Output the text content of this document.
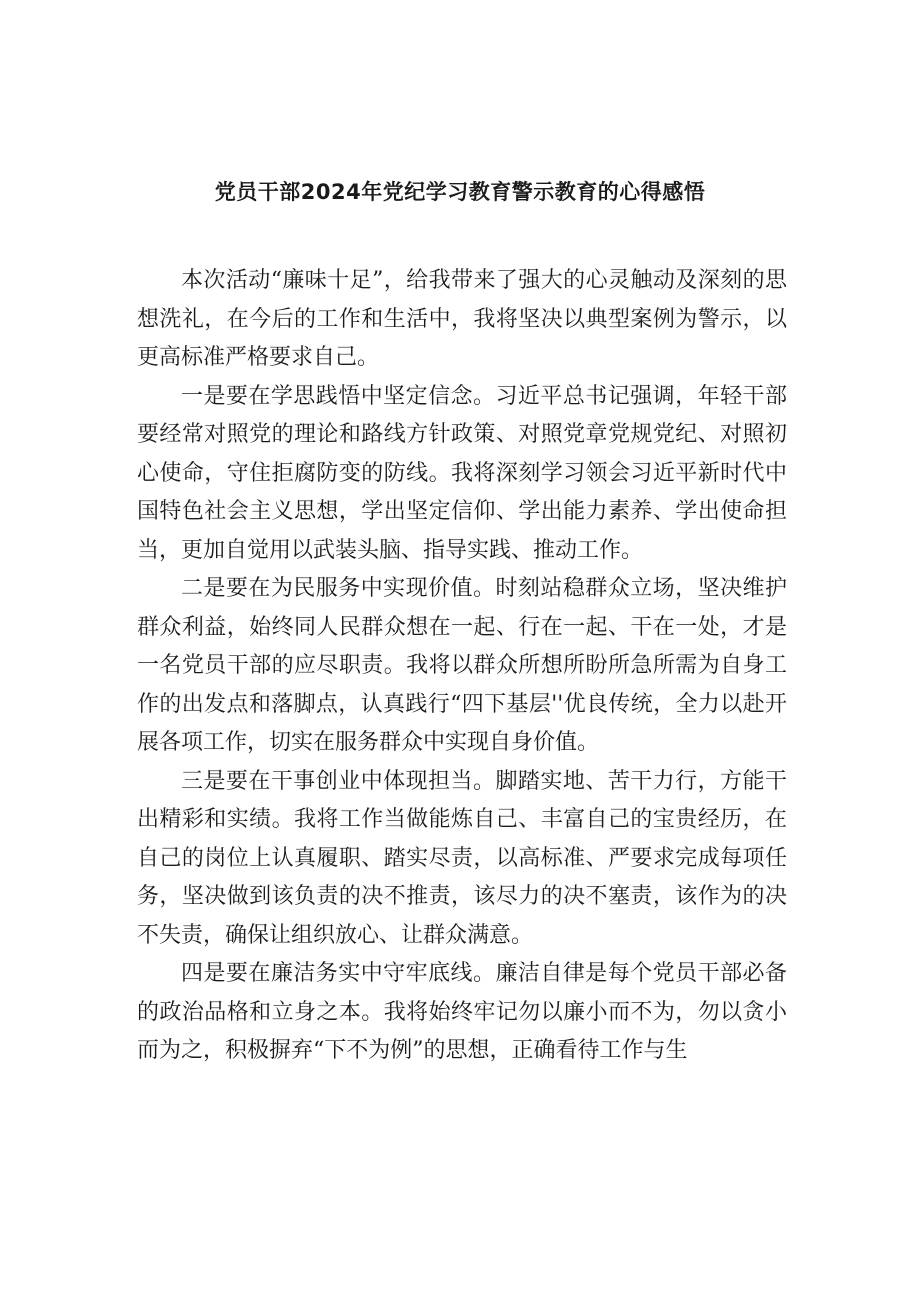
党员干部2024年党纪学习教育警示教育的心得感悟

本次活动“廉味十足”，给我带来了强大的心灵触动及深刻的思想洗礼，在今后的工作和生活中，我将坚决以典型案例为警示，以更高标准严格要求自己。

一是要在学思践悟中坚定信念。习近平总书记强调，年轻干部要经常对照党的理论和路线方针政策、对照党章党规党纪、对照初心使命，守住拒腐防变的防线。我将深刻学习领会习近平新时代中国特色社会主义思想，学出坚定信仰、学出能力素养、学出使命担当，更加自觉用以武装头脑、指导实践、推动工作。

二是要在为民服务中实现价值。时刻站稳群众立场，坚决维护群众利益，始终同人民群众想在一起、行在一起、干在一处，才是一名党员干部的应尽职责。我将以群众所想所盼所急所需为自身工作的出发点和落脚点，认真践行“四下基层''优良传统，全力以赴开展各项工作，切实在服务群众中实现自身价值。

三是要在干事创业中体现担当。脚踏实地、苦干力行，方能干出精彩和实绩。我将工作当做能炼自己、丰富自己的宝贵经历，在自己的岗位上认真履职、踏实尽责，以高标准、严要求完成每项任务，坚决做到该负责的决不推责，该尽力的决不塞责，该作为的决不失责，确保让组织放心、让群众满意。

四是要在廉洁务实中守牢底线。廉洁自律是每个党员干部必备的政治品格和立身之本。我将始终牢记勿以廉小而不为，勿以贪小而为之，积极摒弃“下不为例”的思想，正确看待工作与生
